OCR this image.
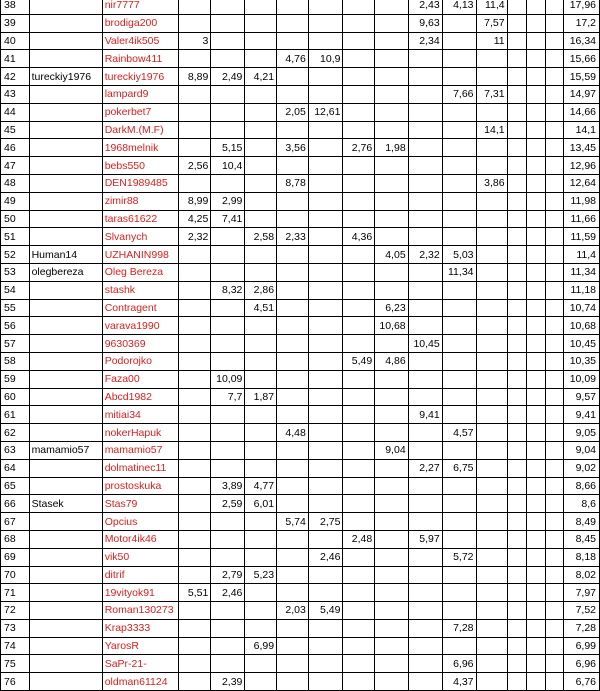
38		nir7777								2,43	4,13	11,4				17,96
39		brodiga200								9,63		7,57				17,2
40		Valer4ik505	3							2,34		11				16,34
41		Rainbow411				4,76	10,9									15,66
42	tureckiy1976	tureckiy1976	8,89	2,49	4,21											15,59
43		lampard9									7,66	7,31				14,97
44		pokerbet7				2,05	12,61									14,66
45		DarkM.(M.F)										14,1				14,1
46		1968melnik		5,15		3,56		2,76	1,98							13,45
47		bebs550	2,56	10,4												12,96
48		DEN1989485				8,78						3,86				12,64
49		zimir88	8,99	2,99												11,98
50		taras61622	4,25	7,41												11,66
51		Slvanych	2,32		2,58	2,33		4,36								11,59
52	Human14	UZHANIN998							4,05	2,32	5,03					11,4
53	olegbereza	Oleg Bereza									11,34					11,34
54		stashk		8,32	2,86											11,18
55		Contragent			4,51				6,23							10,74
56		varava1990							10,68							10,68
57		9630369								10,45						10,45
58		Podorojko						5,49	4,86							10,35
59		Faza00		10,09												10,09
60		Abcd1982		7,7	1,87											9,57
61		mitiai34								9,41						9,41
62		nokerHapuk				4,48					4,57					9,05
63	mamamio57	mamamio57							9,04							9,04
64		dolmatinec11								2,27	6,75					9,02
65		prostoskuka		3,89	4,77											8,66
66	Stasek	Stas79		2,59	6,01											8,6
67		Opcius				5,74	2,75									8,49
68		Motor4ik46						2,48		5,97						8,45
69		vik50					2,46				5,72					8,18
70		ditrif		2,79	5,23											8,02
71		19vityok91	5,51	2,46												7,97
72		Roman130273				2,03	5,49									7,52
73		Krap3333									7,28					7,28
74		YarosR			6,99											6,99
75		SaPr-21-									6,96					6,96
76		oldman61124		2,39							4,37					6,76
